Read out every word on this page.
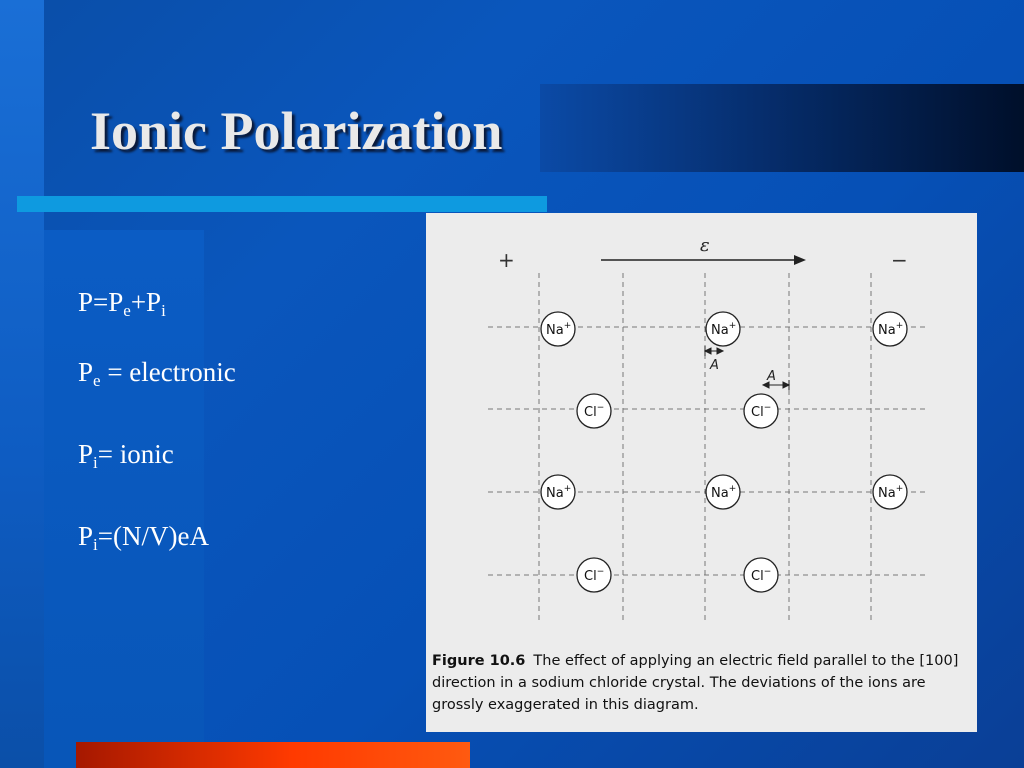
Ionic Polarization
$P=P_e+P_i$
$P_e$ = electronic
$P_i=$ ionic
$P_i=(N/V)eA$
+	−
ε
Na+	Na+	Na+
A
A
Cl−	Cl−
Na+	Na+	Na+
Cl−	Cl−

Figure 10.6 The effect of applying an electric field parallel to the [100] direction in a sodium chloride crystal. The deviations of the ions are grossly exaggerated in this diagram.
